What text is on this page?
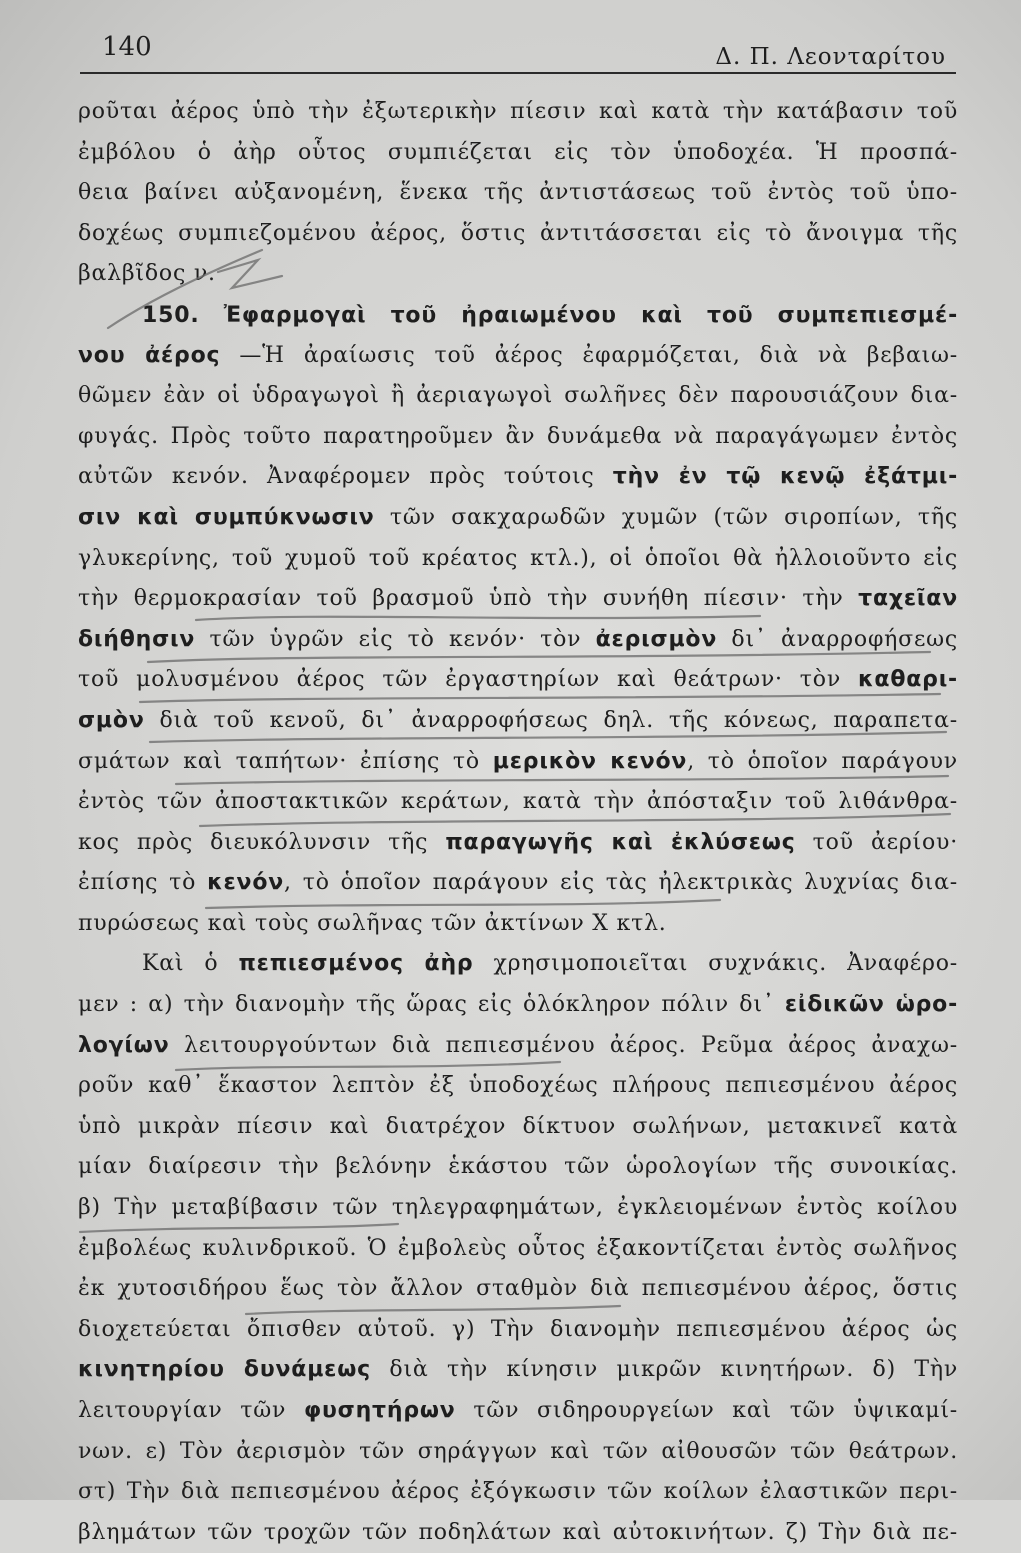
140	Δ. Π. Λεονταρίτου
ροῦται ἀέρος ὑπὸ τὴν ἐξωτερικὴν πίεσιν καὶ κατὰ τὴν κατάβασιν τοῦ
ἐμβόλου ὁ ἀὴρ οὗτος συμπιέζεται εἰς τὸν ὑποδοχέα. Ἡ προσπά-
θεια βαίνει αὐξανομένη, ἕνεκα τῆς ἀντιστάσεως τοῦ ἐντὸς τοῦ ὑπο-
δοχέως συμπιεζομένου ἀέρος, ὅστις ἀντιτάσσεται εἰς τὸ ἄνοιγμα τῆς
βαλβῖδος ν.
150. Ἐφαρμογαὶ τοῦ ἠραιωμένου καὶ τοῦ συμπεπιεσμέ-
νου ἀέρος —Ἡ ἀραίωσις τοῦ ἀέρος ἐφαρμόζεται, διὰ νὰ βεβαιω-
θῶμεν ἐὰν οἱ ὑδραγωγοὶ ἢ ἀεριαγωγοὶ σωλῆνες δὲν παρουσιάζουν δια-
φυγάς. Πρὸς τοῦτο παρατηροῦμεν ἂν δυνάμεθα νὰ παραγάγωμεν ἐντὸς
αὐτῶν κενόν. Ἀναφέρομεν πρὸς τούτοις τὴν ἐν τῷ κενῷ ἐξάτμι-
σιν καὶ συμπύκνωσιν τῶν σακχαρωδῶν χυμῶν (τῶν σιροπίων, τῆς
γλυκερίνης, τοῦ χυμοῦ τοῦ κρέατος κτλ.), οἱ ὁποῖοι θὰ ἠλλοιοῦντο εἰς
τὴν θερμοκρασίαν τοῦ βρασμοῦ ὑπὸ τὴν συνήθη πίεσιν· τὴν ταχεῖαν
διήθησιν τῶν ὑγρῶν εἰς τὸ κενόν· τὸν ἀερισμὸν δι᾽ ἀναρροφήσεως
τοῦ μολυσμένου ἀέρος τῶν ἐργαστηρίων καὶ θεάτρων· τὸν καθαρι-
σμὸν διὰ τοῦ κενοῦ, δι᾽ ἀναρροφήσεως δηλ. τῆς κόνεως, παραπετα-
σμάτων καὶ ταπήτων· ἐπίσης τὸ μερικὸν κενόν, τὸ ὁποῖον παράγουν
ἐντὸς τῶν ἀποστακτικῶν κεράτων, κατὰ τὴν ἀπόσταξιν τοῦ λιθάνθρα-
κος πρὸς διευκόλυνσιν τῆς παραγωγῆς καὶ ἐκλύσεως τοῦ ἀερίου·
ἐπίσης τὸ κενόν, τὸ ὁποῖον παράγουν εἰς τὰς ἠλεκτρικὰς λυχνίας δια-
πυρώσεως καὶ τοὺς σωλῆνας τῶν ἀκτίνων Χ κτλ.
Καὶ ὁ πεπιεσμένος ἀὴρ χρησιμοποιεῖται συχνάκις. Ἀναφέρο-
μεν : α) τὴν διανομὴν τῆς ὥρας εἰς ὁλόκληρον πόλιν δι᾽ εἰδικῶν ὡρο-
λογίων λειτουργούντων διὰ πεπιεσμένου ἀέρος. Ρεῦμα ἀέρος ἀναχω-
ροῦν καθ᾽ ἕκαστον λεπτὸν ἐξ ὑποδοχέως πλήρους πεπιεσμένου ἀέρος
ὑπὸ μικρὰν πίεσιν καὶ διατρέχον δίκτυον σωλήνων, μετακινεῖ κατὰ
μίαν διαίρεσιν τὴν βελόνην ἑκάστου τῶν ὡρολογίων τῆς συνοικίας.
β) Τὴν μεταβίβασιν τῶν τηλεγραφημάτων, ἐγκλειομένων ἐντὸς κοίλου
ἐμβολέως κυλινδρικοῦ. Ὁ ἐμβολεὺς οὗτος ἐξακοντίζεται ἐντὸς σωλῆνος
ἐκ χυτοσιδήρου ἕως τὸν ἄλλον σταθμὸν διὰ πεπιεσμένου ἀέρος, ὅστις
διοχετεύεται ὄπισθεν αὐτοῦ. γ) Τὴν διανομὴν πεπιεσμένου ἀέρος ὡς
κινητηρίου δυνάμεως διὰ τὴν κίνησιν μικρῶν κινητήρων. δ) Τὴν
λειτουργίαν τῶν φυσητήρων τῶν σιδηρουργείων καὶ τῶν ὑψικαμί-
νων. ε) Τὸν ἀερισμὸν τῶν σηράγγων καὶ τῶν αἰθουσῶν τῶν θεάτρων.
στ) Τὴν διὰ πεπιεσμένου ἀέρος ἐξόγκωσιν τῶν κοίλων ἐλαστικῶν περι-
βλημάτων τῶν τροχῶν τῶν ποδηλάτων καὶ αὐτοκινήτων. ζ) Τὴν διὰ πε-
